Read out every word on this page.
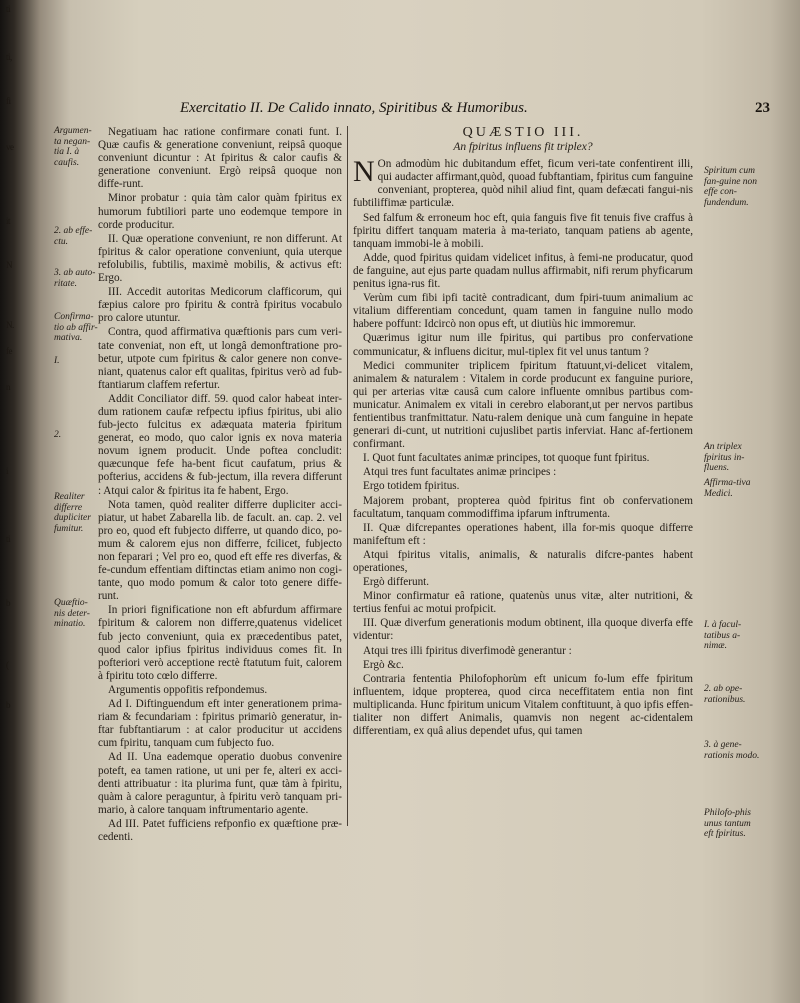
ti
ti,
fi
ve
it
N
N.
fe
n
i
ti
b
(
b
Exercitatio II. De Calido innato, Spiritibus & Humoribus.	23
Argumen-ta negan-tia I. à caufis.
2. ab effe-ctu.
3. ab auto-ritate.
Confirma-tio ab affir-mativa.
I.
2.
Realiter differre dupliciter fumitur.
Quæftio-nis deter-minatio.

Negatiuam hac ratione confirmare conati funt. I. Quæ caufis & generatione conveniunt, reipsâ quoque conveniunt dicuntur : At fpiritus & calor caufis & generatione conveniunt. Ergò reipsâ quoque non diffe-runt.

Minor probatur : quia tàm calor quàm fpiritus ex humorum fubtiliori parte uno eodemque tempore in corde producitur.

II. Quæ operatione conveniunt, re non differunt. At fpiritus & calor operatione conveniunt, quia uterque refolubilis, fubtilis, maximè mobilis, & activus eft: Ergo.

III. Accedit autoritas Medicorum clafficorum, qui fæpius calore pro fpiritu & contrà fpiritus vocabulo pro calore utuntur.

Contra, quod affirmativa quæftionis pars cum veri-tate conveniat, non eft, ut longâ demonftratione pro-betur, utpote cum fpiritus & calor genere non conve-niant, quatenus calor eft qualitas, fpiritus verò ad fub-ftantiarum claffem refertur.

Addit Conciliator diff. 59. quod calor habeat inter-dum rationem caufæ refpectu ipfius fpiritus, ubi alio fub-jecto fulcitus ex adæquata materia fpiritum generat, eo modo, quo calor ignis ex nova materia novum ignem producit. Unde poftea concludit: quæcunque fefe ha-bent ficut caufatum, prius & pofterius, accidens & fub-jectum, illa revera differunt : Atqui calor & fpiritus ita fe habent, Ergo.

Nota tamen, quòd realiter differre dupliciter acci-piatur, ut habet Zabarella lib. de facult. an. cap. 2. vel pro eo, quod eft fubjecto differre, ut quando dico, po-mum & calorem ejus non differre, fcilicet, fubjecto non feparari ; Vel pro eo, quod eft effe res diverfas, & fe-cundum effentiam diftinctas etiam animo non cogi-tante, quo modo pomum & calor toto genere diffe-runt.

In priori fignificatione non eft abfurdum affirmare fpiritum & calorem non differre,quatenus videlicet fub jecto conveniunt, quia ex præcedentibus patet, quod calor ipfius fpiritus individuus comes fit. In pofteriori verò acceptione rectè ftatutum fuit, calorem à fpiritu toto cœlo differre.

Argumentis oppofitis refpondemus.

Ad I. Diftinguendum eft inter generationem prima-riam & fecundariam : fpiritus primariò generatur, in-ftar fubftantiarum : at calor producitur ut accidens cum fpiritu, tanquam cum fubjecto fuo.

Ad II. Una eademque operatio duobus convenire poteft, ea tamen ratione, ut uni per fe, alteri ex acci-denti attribuatur : ita plurima funt, quæ tàm à fpiritu, quàm à calore peraguntur, à fpiritu verò tanquam pri-mario, à calore tanquam inftrumentario agente.

Ad III. Patet fufficiens refponfio ex quæftione præ-cedenti.

QUÆSTIO III.

An fpiritus influens fit triplex?

N On admodùm hic dubitandum effet, ficum veri-tate confentirent illi, qui audacter affirmant,quòd, quoad fubftantiam, fpiritus cum fanguine conveniant, propterea, quòd nihil aliud fint, quam defæcati fangui-nis fubtiliffimæ particulæ.

Sed falfum & erroneum hoc eft, quia fanguis five fit tenuis five craffus à fpiritu differt tanquam materia à ma-teriato, tanquam patiens ab agente, tanquam immobi-le à mobili.

Adde, quod fpiritus quidam videlicet infitus, à femi-ne producatur, quod de fanguine, aut ejus parte quadam nullus affirmabit, nifi rerum phyficarum penitus igna-rus fit.

Verùm cum fibi ipfi tacitè contradicant, dum fpiri-tuum animalium ac vitalium differentiam concedunt, quam tamen in fanguine nullo modo habere poffunt: Idcircò non opus eft, ut diutiùs hic immoremur.

Quærimus igitur num ille fpiritus, qui partibus pro confervatione communicatur, & influens dicitur, mul-tiplex fit vel unus tantum ?

Medici communiter triplicem fpiritum ftatuunt,vi-delicet vitalem, animalem & naturalem : Vitalem in corde producunt ex fanguine puriore, qui per arterias vitæ causâ cum calore influente omnibus partibus com-municatur. Animalem ex vitali in cerebro elaborant,ut per nervos partibus fentientibus tranfmittatur. Natu-ralem denique unà cum fanguine in hepate generari di-cunt, ut nutritioni cujuslibet partis inferviat. Hanc af-fertionem confirmant.

I. Quot funt facultates animæ principes, tot quoque funt fpiritus.

Atqui tres funt facultates animæ principes :

Ergo totidem fpiritus.

Majorem probant, propterea quòd fpiritus fint ob confervationem facultatum, tanquam commodiffima ipfarum inftrumenta.

II. Quæ difcrepantes operationes habent, illa for-mis quoque differre manifeftum eft :

Atqui fpiritus vitalis, animalis, & naturalis difcre-pantes habent operationes,

Ergò differunt.

Minor confirmatur eâ ratione, quatenùs unus vitæ, alter nutritioni, & tertius fenfui ac motui profpicit.

III. Quæ diverfum generationis modum obtinent, illa quoque diverfa effe videntur:

Atqui tres illi fpiritus diverfimodè generantur :

Ergò &c.

Contraria fententia Philofophorùm eft unicum fo-lum effe fpiritum influentem, idque propterea, quod circa neceffitatem entia non fint multiplicanda. Hunc fpiritum unicum Vitalem conftituunt, à quo ipfis effen-tialiter non differt Animalis, quamvis non negent ac-cidentalem differentiam, ex quâ alius dependet ufus, qui tamen

Spiritum cum fan-guine non effe con-fundendum.
An triplex fpiritus in-fluens.
Affirma-tiva Medici.
I. à facul-tatibus a-nimæ.
2. ab ope-rationibus.
3. à gene-rationis modo.
Philofo-phis unus tantum eft fpiritus.
